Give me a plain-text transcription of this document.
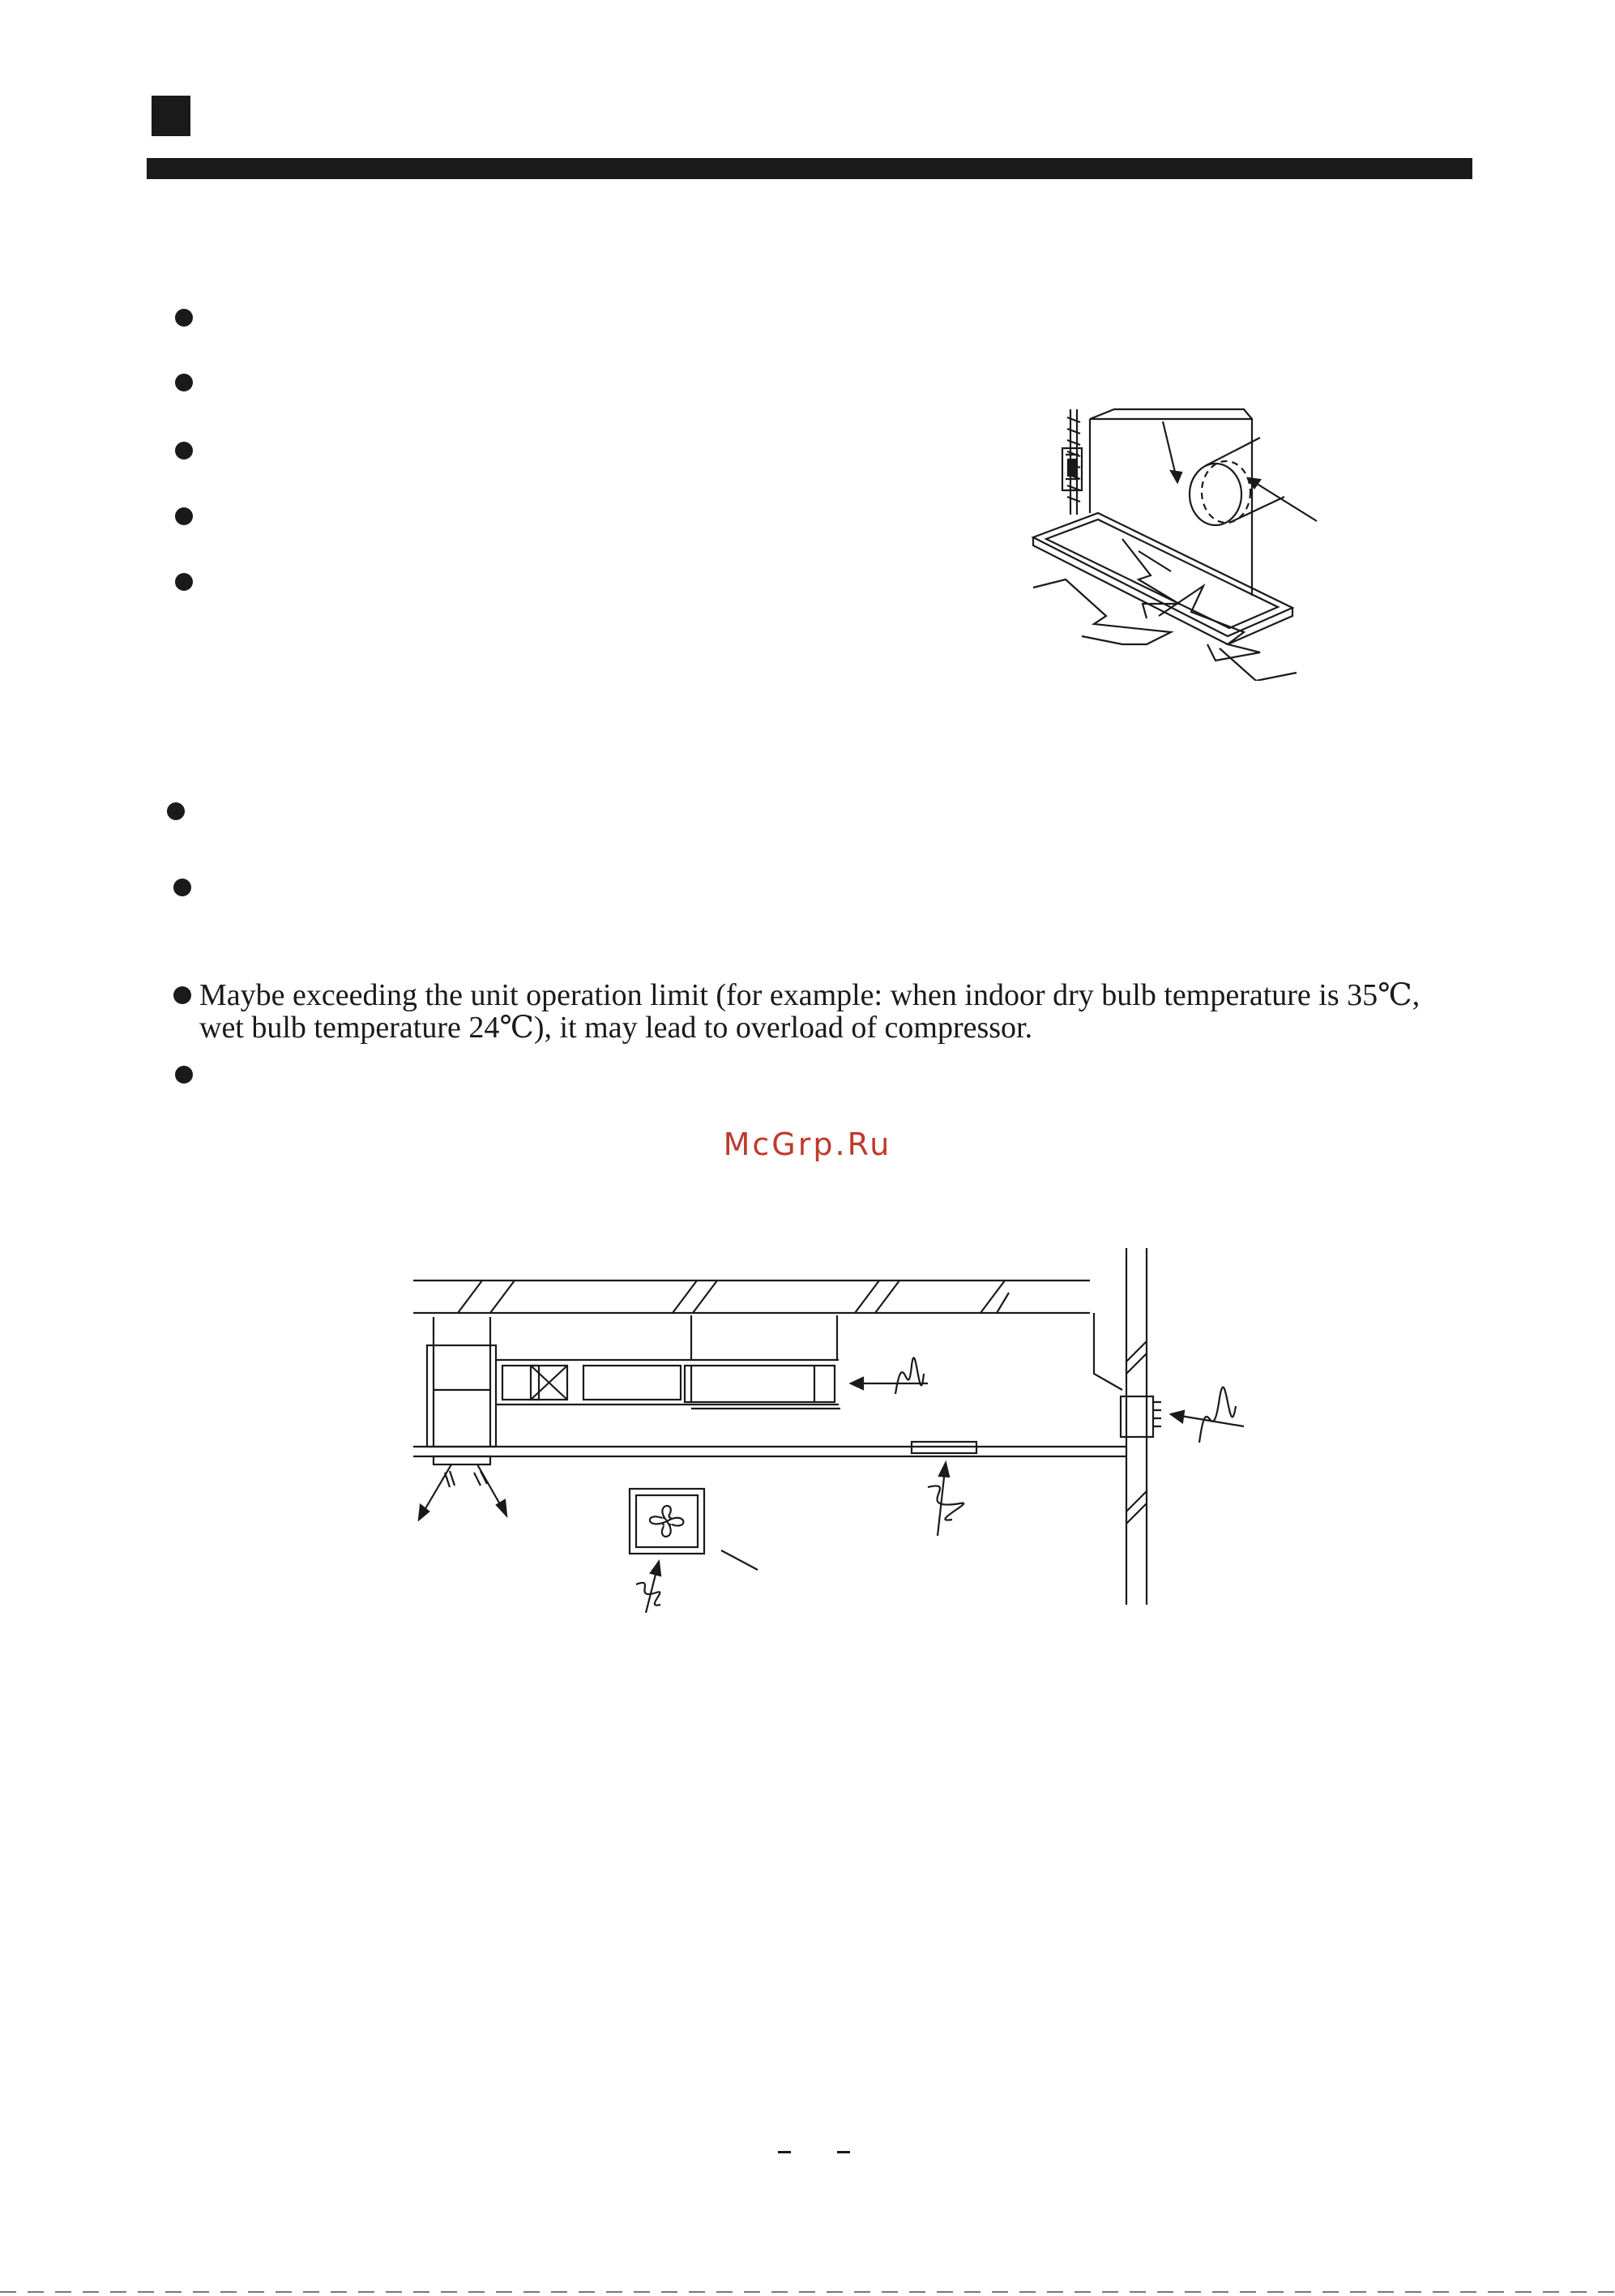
Maybe exceeding the unit operation limit (for example: when indoor dry bulb temperature is 35℃,
wet bulb temperature 24℃), it may lead to overload of compressor.
McGrp.Ru
